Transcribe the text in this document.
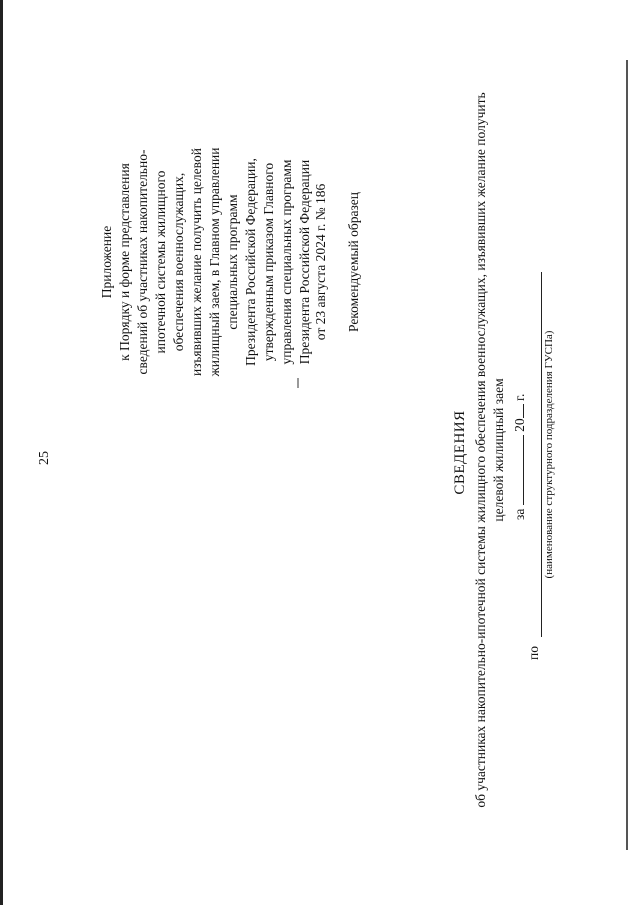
25
Приложение к Порядку и форме представления сведений об участниках накопительно- ипотечной системы жилищного обеспечения военнослужащих, изъявивших желание получить целевой жилищный заем, в Главном управлении специальных программ Президента Российской Федерации, утвержденным приказом Главного управления специальных программ Президента Российской Федерации от 23 августа 2024 г. № 186 Рекомендуемый образец
СВЕДЕНИЯ об участниках накопительно-ипотечной системы жилищного обеспечения военнослужащих, изъявивших желание получить целевой жилищный заем за  20 г.
по
(наименование структурного подразделения ГУСПа)
